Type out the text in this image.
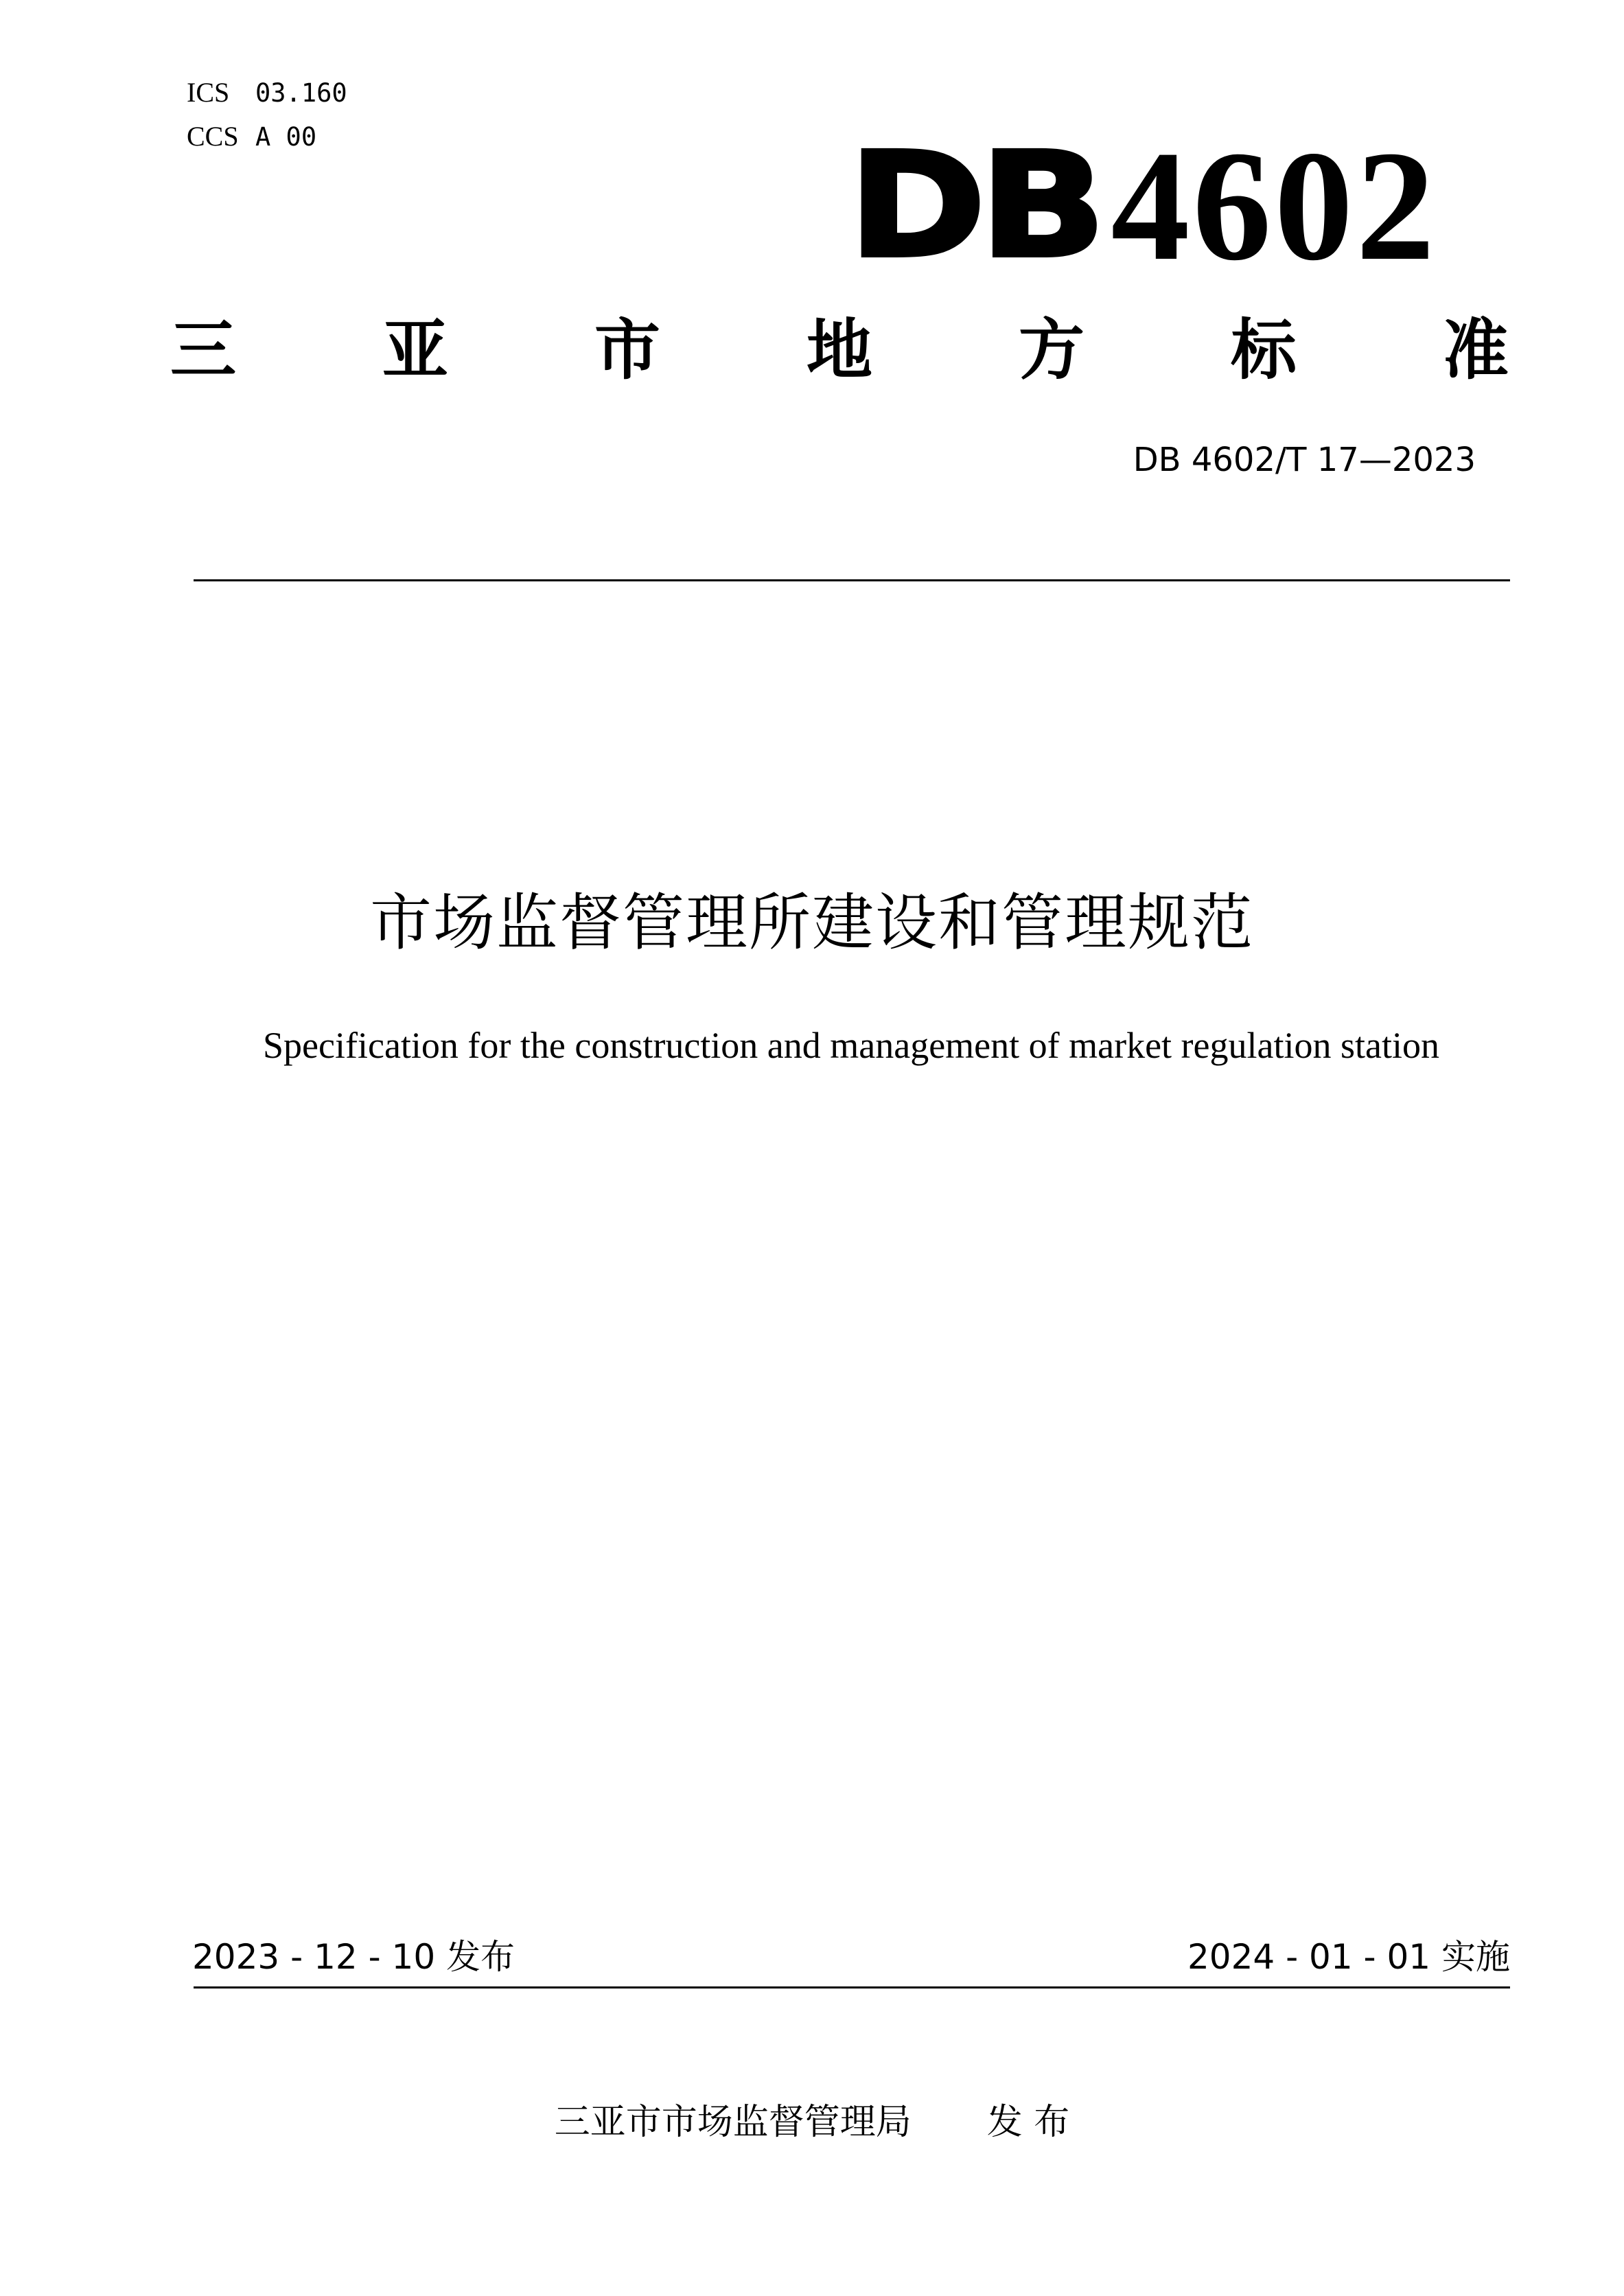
ICS 03.160
CCS A 00	DB 4602
三 亚 市 地 方 标 准
DB 4602/T 17—2023
市场监督管理所建设和管理规范
Specification for the construction and management of market regulation station
2023 - 12 - 10 发布	2024 - 01 - 01 实施
三亚市市场监督管理局 发 布
